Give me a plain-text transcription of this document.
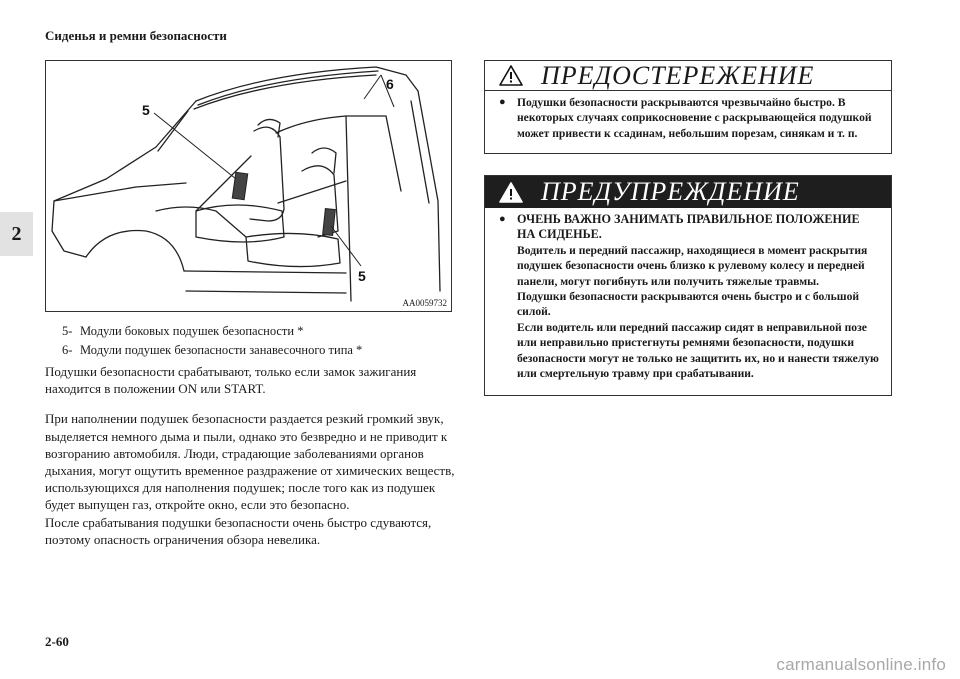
Сиденья и ремни безопасности
2
5
6
5
AA0059732
5- Модули боковых подушек безопасности *
6- Модули подушек безопасности занавесочного типа *

Подушки безопасности срабатывают, только если замок зажигания находится в положении ON или START.

При наполнении подушек безопасности раздается резкий громкий звук, выделяется немного дыма и пыли, однако это безвредно и не приводит к возгоранию автомобиля. Люди, страдающие заболеваниями органов дыхания, могут ощутить временное раздражение от химических веществ, использующихся для наполнения подушек; после того как из подушек будет выпущен газ, откройте окно, если это безопасно.

После срабатывания подушки безопасности очень быстро сдуваются, поэтому опасность ограничения обзора невелика.

ПРЕДОСТЕРЕЖЕНИЕ
● Подушки безопасности раскрываются чрезвычайно быстро. В некоторых случаях соприкосновение с раскрывающейся подушкой может привести к ссадинам, небольшим порезам, синякам и т. п.
ПРЕДУПРЕЖДЕНИЕ
● ОЧЕНЬ ВАЖНО ЗАНИМАТЬ ПРАВИЛЬНОЕ ПОЛОЖЕНИЕ НА СИДЕНЬЕ.
Водитель и передний пассажир, находящиеся в момент раскрытия подушек безопасности очень близко к рулевому колесу и передней панели, могут погибнуть или получить тяжелые травмы.
Подушки безопасности раскрываются очень быстро и с большой силой.
Если водитель или передний пассажир сидят в неправильной позе или неправильно пристегнуты ремнями безопасности, подушки безопасности могут не только не защитить их, но и нанести тяжелую или смертельную травму при срабатывании.
2-60
carmanualsonline.info
